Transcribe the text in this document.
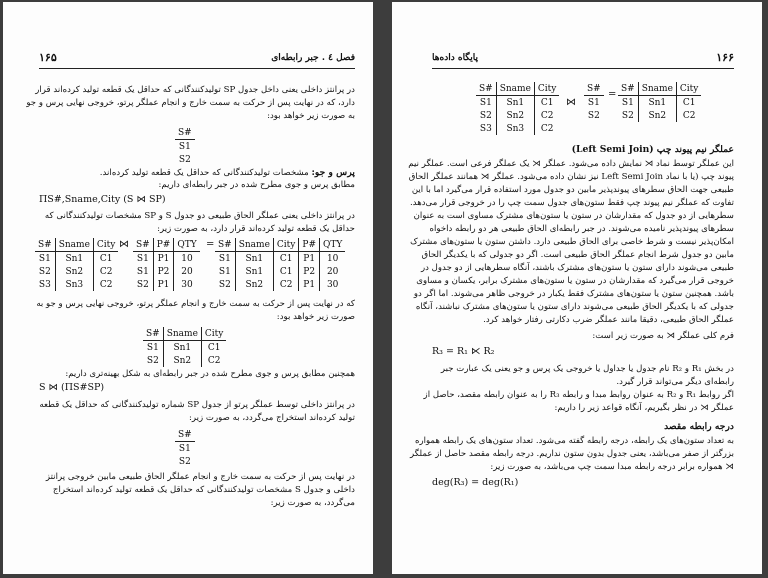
۱۶۵	فصل ٤ . جبر رابطه‌ای

در پرانتز داخلی یعنی داخل جدول SP تولیدکنندگانی که حداقل یک قطعه تولید کرده‌اند قرار

دارد، که در نهایت پس از حرکت به سمت خارج و انجام عملگر پرتو، خروجی نهایی پرس و جو

به صورت زیر خواهد بود:

S#
S1
S2

پرس و جو: مشخصات تولیدکنندگانی که حداقل یک قطعه تولید کرده‌اند.

مطابق پرس و جوی مطرح شده در جبر رابطه‌ای داریم:

ΠS#,Sname,City (S ⋈ SP)

در پرانتز داخلی یعنی عملگر الحاق طبیعی دو جدول S و SP مشخصات تولیدکنندگانی که

حداقل یک قطعه تولید کرده‌اند قرار دارد، به صورت زیر:

S#	Sname	City
S1	Sn1	C1
S2	Sn2	C2
S3	Sn3	C2
⋈ S#	P#	QTY
S1	P1	10
S1	P2	20
S2	P1	30
= S#	Sname	City	P#	QTY
S1	Sn1	C1	P1	10
S1	Sn1	C1	P2	20
S2	Sn2	C2	P1	30

که در نهایت پس از حرکت به سمت خارج و انجام عملگر پرتو، خروجی نهایی پرس و جو به

صورت زیر خواهد بود:

S#	Sname	City
S1	Sn1	C1
S2	Sn2	C2

همچنین مطابق پرس و جوی مطرح شده در جبر رابطه‌ای به شکل بهینه‌تری داریم:

S ⋈ (ΠS#SP)

در پرانتز داخلی توسط عملگر پرتو از جدول SP شماره تولیدکنندگانی که حداقل یک قطعه

تولید کرده‌اند استخراج می‌گردد، به صورت زیر:

S#
S1
S2

در نهایت پس از حرکت به سمت خارج و انجام عملگر الحاق طبیعی مابین خروجی پرانتز

داخلی و جدول S مشخصات تولیدکنندگانی که حداقل یک قطعه تولید کرده‌اند استخراج

می‌گردد، به صورت زیر:

۱۶۶
پایگاه داده‌ها
S#	Sname	City
S1	Sn1	C1
S2	Sn2	C2
S3	Sn3	C2
⋈
S#
S1
S2
=
S#	Sname	City
S1	Sn1	C1
S2	Sn2	C2

عملگر نیم پیوند چپ (Left Semi Join)

این عملگر توسط نماد ⋉ نمایش داده می‌شود. عملگر ⋉ یک عملگر فرعی است. عملگر نیم

پیوند چپ (یا با نماد Left Semi Join نیز نشان داده می‌شود. عملگر ⋉ همانند عملگر الحاق

طبیعی جهت الحاق سطرهای پیوندپذیر مابین دو جدول مورد استفاده قرار می‌گیرد اما با این

تفاوت که عملگر نیم پیوند چپ فقط ستون‌های جدول سمت چپ را در خروجی قرار می‌دهد.

سطرهایی از دو جدول که مقدارشان در ستون یا ستون‌های مشترک مساوی است به عنوان

سطرهای پیوندپذیر نامیده می‌شوند. در جبر رابطه‌ای الحاق طبیعی هر دو رابطه داخواه

امکان‌پذیر نیست و شرط خاصی برای الحاق طبیعی دارد. داشتن ستون یا ستون‌های مشترک

مابین دو جدول شرط انجام عملگر الحاق طبیعی است. اگر دو جدولی که با یکدیگر الحاق

طبیعی می‌شوند دارای ستون یا ستون‌های مشترک باشند، آنگاه سطرهایی از دو جدول در

خروجی قرار می‌گیرد که مقدارشان در ستون یا ستون‌های مشترک برابر، یکسان و مساوی

باشد. همچنین ستون یا ستون‌های مشترک فقط یکبار در خروجی ظاهر می‌شوند. اما اگر دو

جدولی که با یکدیگر الحاق طبیعی می‌شوند دارای ستون یا ستون‌های مشترک نباشند، آنگاه

عملگر الحاق طبیعی، دقیقا مانند عملگر ضرب دکارتی رفتار خواهد کرد.

فرم کلی عملگر ⋉ به صورت زیر است:

R₃ = R₁ ⋉ R₂

در بخش R₁ و R₂ نام جدول یا جداول یا خروجی یک پرس و جو یعنی یک عبارت جبر

رابطه‌ای دیگر می‌تواند قرار گیرد.

اگر روابط R₁ و R₂ به عنوان روابط مبدا و رابطه R₃ را به عنوان رابطه مقصد، حاصل از

عملگر ⋉ در نظر بگیریم، آنگاه قواعد زیر را داریم:

درجه رابطه مقصد

به تعداد ستون‌های یک رابطه، درجه رابطه گفته می‌شود. تعداد ستون‌های یک رابطه همواره

بزرگتر از صفر می‌باشد، یعنی جدول بدون ستون نداریم. درجه رابطه مقصد حاصل از عملگر

⋉ همواره برابر درجه رابطه مبدا سمت چپ می‌باشد، به صورت زیر:

deg(R₃) = deg(R₁)
